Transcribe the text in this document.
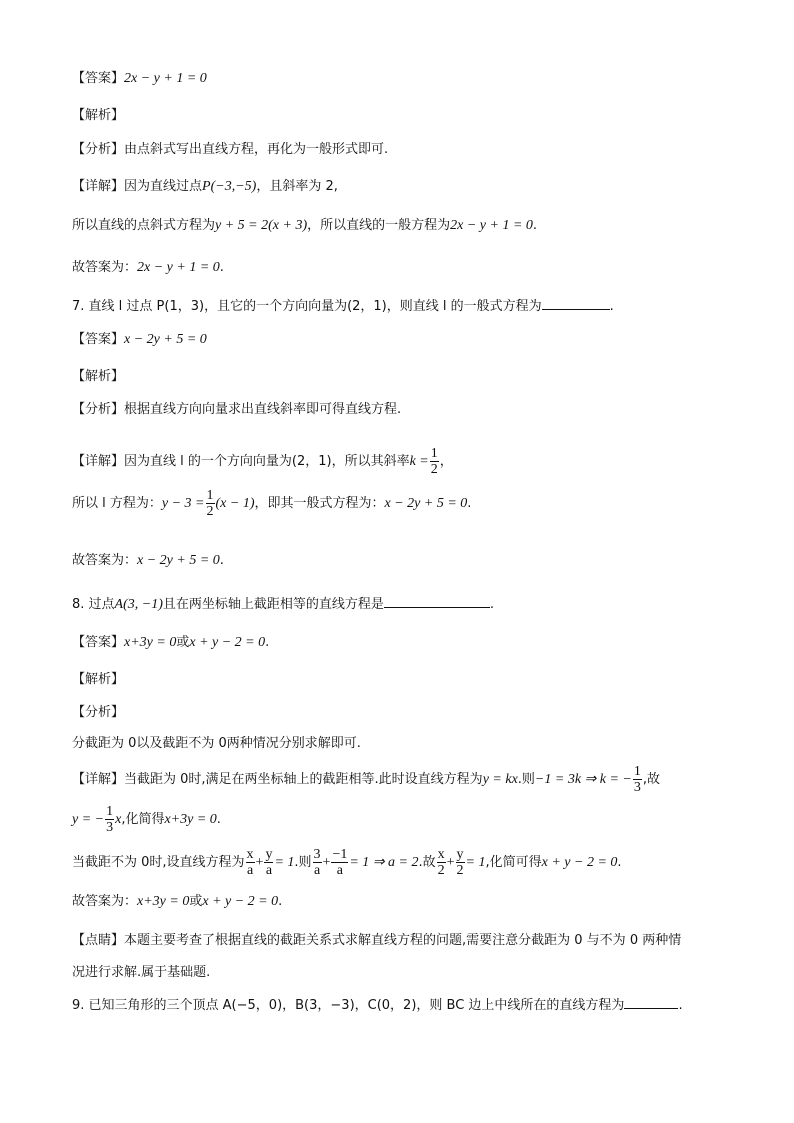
【答案】2x − y + 1 = 0
【解析】
【分析】由点斜式写出直线方程，再化为一般形式即可.
【详解】因为直线过点P(−3,−5)，且斜率为 2,
所以直线的点斜式方程为y + 5 = 2(x + 3)，所以直线的一般方程为2x − y + 1 = 0.
故答案为：2x − y + 1 = 0.
7. 直线 l 过点 P(1，3)，且它的一个方向向量为(2，1)，则直线 l 的一般式方程为	.
【答案】x − 2y + 5 = 0
【解析】
【分析】根据直线方向向量求出直线斜率即可得直线方程.
【详解】因为直线 l 的一个方向向量为(2，1)，所以其斜率$k = \frac{1}{2}$ ，
所以 l 方程为：$y - 3 = \frac{1}{2} (x - 1)$，即其一般式方程为：x − 2y + 5 = 0.
故答案为：x − 2y + 5 = 0.
8. 过点A(3, −1)且在两坐标轴上截距相等的直线方程是	.
【答案】x+3y = 0或x + y − 2 = 0.
【解析】
【分析】
分截距为 0以及截距不为 0两种情况分别求解即可.
【详解】当截距为 0时,满足在两坐标轴上的截距相等.此时设直线方程为y = kx.则−1 = 3k ⇒ k = − $\frac{1}{3}$ ,故
y = − $\frac{1}{3} x$,化简得x+3y = 0.
当截距不为 0时,设直线方程为 $\frac{x}{a} + \frac{y}{a} = 1$.则 $\frac{3}{a} + \frac{-1}{a} = 1$ ⇒ a = 2.故 $\frac{x}{2} + \frac{y}{2} = 1$,化简可得x + y − 2 = 0.
故答案为：x+3y = 0或x + y − 2 = 0.
【点睛】本题主要考查了根据直线的截距关系式求解直线方程的问题,需要注意分截距为 0 与不为 0 两种情
况进行求解.属于基础题.
9. 已知三角形的三个顶点 A(−5，0)，B(3，−3)，C(0，2)，则 BC 边上中线所在的直线方程为	.
